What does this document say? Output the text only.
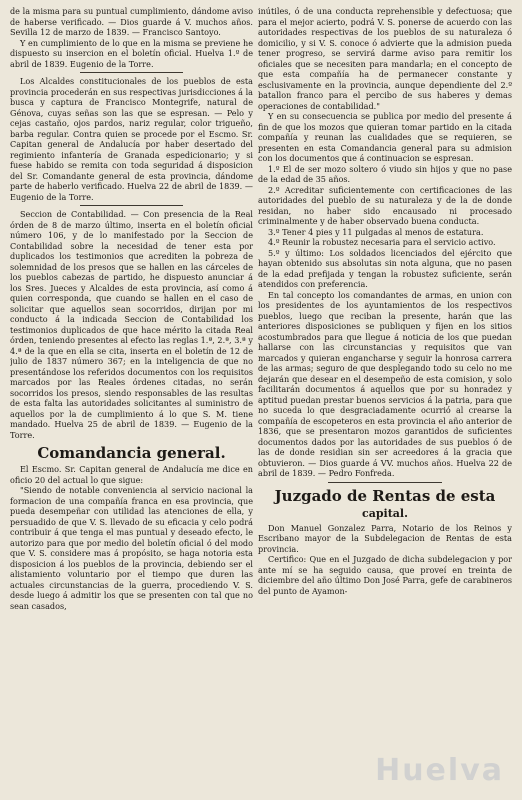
de la misma para su puntual cumplimiento, dándome aviso de haberse verificado. — Dios guarde á V. muchos años. Sevilla 12 de marzo de 1839. — Francisco Santoyo.

Y en cumplimiento de lo que en la misma se previene he dispuesto su insercion en el boletín oficial. Huelva 1.º de abril de 1839. Eugenio de la Torre.

Los Alcaldes constitucionales de los pueblos de esta provincia procederán en sus respectivas jurisdicciones á la busca y captura de Francisco Montegrife, natural de Génova, cuyas señas son las que se espresan. — Pelo y cejas castaño, ojos pardos, nariz regular, color trigueño, barba regular. Contra quien se procede por el Escmo. Sr. Capitan general de Andalucía por haber desertado del regimiento infantería de Granada espedicionario; y si fuese habido se remita con toda seguridad á disposicion del Sr. Comandante general de esta provincia, dándome parte de haberlo verificado. Huelva 22 de abril de 1839. — Eugenio de la Torre.

Seccion de Contabilidad. — Con presencia de la Real órden de 8 de marzo último, inserta en el boletín oficial número 106, y de lo manifestado por la Seccion de Contabilidad sobre la necesidad de tener esta por duplicados los testimonios que acrediten la pobreza de solemnidad de los presos que se hallen en las cárceles de los pueblos cabezas de partido, he dispuesto anunciar á los Sres. Jueces y Alcaldes de esta provincia, así como á quien corresponda, que cuando se hallen en el caso de solicitar que aquellos sean socorridos, dirijan por mi conducto á la indicada Seccion de Contabilidad los testimonios duplicados de que hace mérito la citada Real órden, teniendo presentes al efecto las reglas 1.ª, 2.ª, 3.ª y 4.ª de la que en ella se cita, inserta en el boletín de 12 de julio de 1837 número 367; en la inteligencia de que no presentándose los referidos documentos con los requisitos marcados por las Reales órdenes citadas, no serán socorridos los presos, siendo responsables de las resultas de esta falta las autoridades solicitantes al suministro de aquellos por la de cumplimiento á lo que S. M. tiene mandado. Huelva 25 de abril de 1839. — Eugenio de la Torre.

Comandancia general.

El Escmo. Sr. Capitan general de Andalucía me dice en oficio 20 del actual lo que sigue:

"Siendo de notable conveniencia al servicio nacional la formacion de una compañía franca en esa provincia, que pueda desempeñar con utilidad las atenciones de ella, y persuadido de que V. S. llevado de su eficacia y celo podrá contribuir á que tenga el mas puntual y deseado efecto, le autorizo para que por medio del boletín oficial ó del modo que V. S. considere mas á propósito, se haga notoria esta disposicion á los pueblos de la provincia, debiendo ser el alistamiento voluntario por el tiempo que duren las actuales circunstancias de la guerra, procediendo V. S. desde luego á admitir los que se presenten con tal que no sean casados,

inútiles, ó de una conducta reprehensible y defectuosa; que para el mejor acierto, podrá V. S. ponerse de acuerdo con las autoridades respectivas de los pueblos de su naturaleza ó domicilio, y si V. S. conoce ó advierte que la admision pueda tener progreso, se servirá darme aviso para remitir los oficiales que se necesiten para mandarla; en el concepto de que esta compañía ha de permanecer constante y esclusivamente en la provincia, aunque dependiente del 2.º batallon franco para el percibo de sus haberes y demas operaciones de contabilidad."

Y en su consecuencia se publica por medio del presente á fin de que los mozos que quieran tomar partido en la citada compañía y reunan las cualidades que se requieren, se presenten en esta Comandancia general para su admision con los documentos que á continuacion se espresan.

1.º El de ser mozo soltero ó viudo sin hijos y que no pase de la edad de 35 años.

2.º Acreditar suficientemente con certificaciones de las autoridades del pueblo de su naturaleza y de la de donde residan, no haber sido encausado ni procesado criminalmente y de haber observado buena conducta.

3.º Tener 4 pies y 11 pulgadas al menos de estatura.

4.º Reunir la robustez necesaria para el servicio activo.

5.º y último: Los soldados licenciados del ejército que hayan obtenido sus absolutas sin nota alguna, que no pasen de la edad prefijada y tengan la robustez suficiente, serán atendidos con preferencia.

En tal concepto los comandantes de armas, en union con los presidentes de los ayuntamientos de los respectivos pueblos, luego que reciban la presente, harán que las anteriores disposiciones se publiquen y fijen en los sitios acostumbrados para que llegue á noticia de los que puedan hallarse con las circunstancias y requisitos que van marcados y quieran engancharse y seguir la honrosa carrera de las armas; seguro de que desplegando todo su celo no me dejarán que desear en el desempeño de esta comision, y solo facilitarán documentos á aquellos que por su honradez y aptitud puedan prestar buenos servicios á la patria, para que no suceda lo que desgraciadamente ocurrió al crearse la compañía de escopeteros en esta provincia el año anterior de 1836, que se presentaron mozos garantidos de suficientes documentos dados por las autoridades de sus pueblos ó de las de donde residian sin ser acreedores á la gracia que obtuvieron. — Dios guarde á VV. muchos años. Huelva 22 de abril de 1839. — Pedro Fonfreda.

Juzgado de Rentas de esta
capital.

Don Manuel Gonzalez Parra, Notario de los Reinos y Escribano mayor de la Subdelegacion de Rentas de esta provincia.

Certifico: Que en el Juzgado de dicha subdelegacion y por ante mí se ha seguido causa, que proveí en treinta de diciembre del año último Don José Parra, gefe de carabineros del punto de Ayamon-

Huelva
